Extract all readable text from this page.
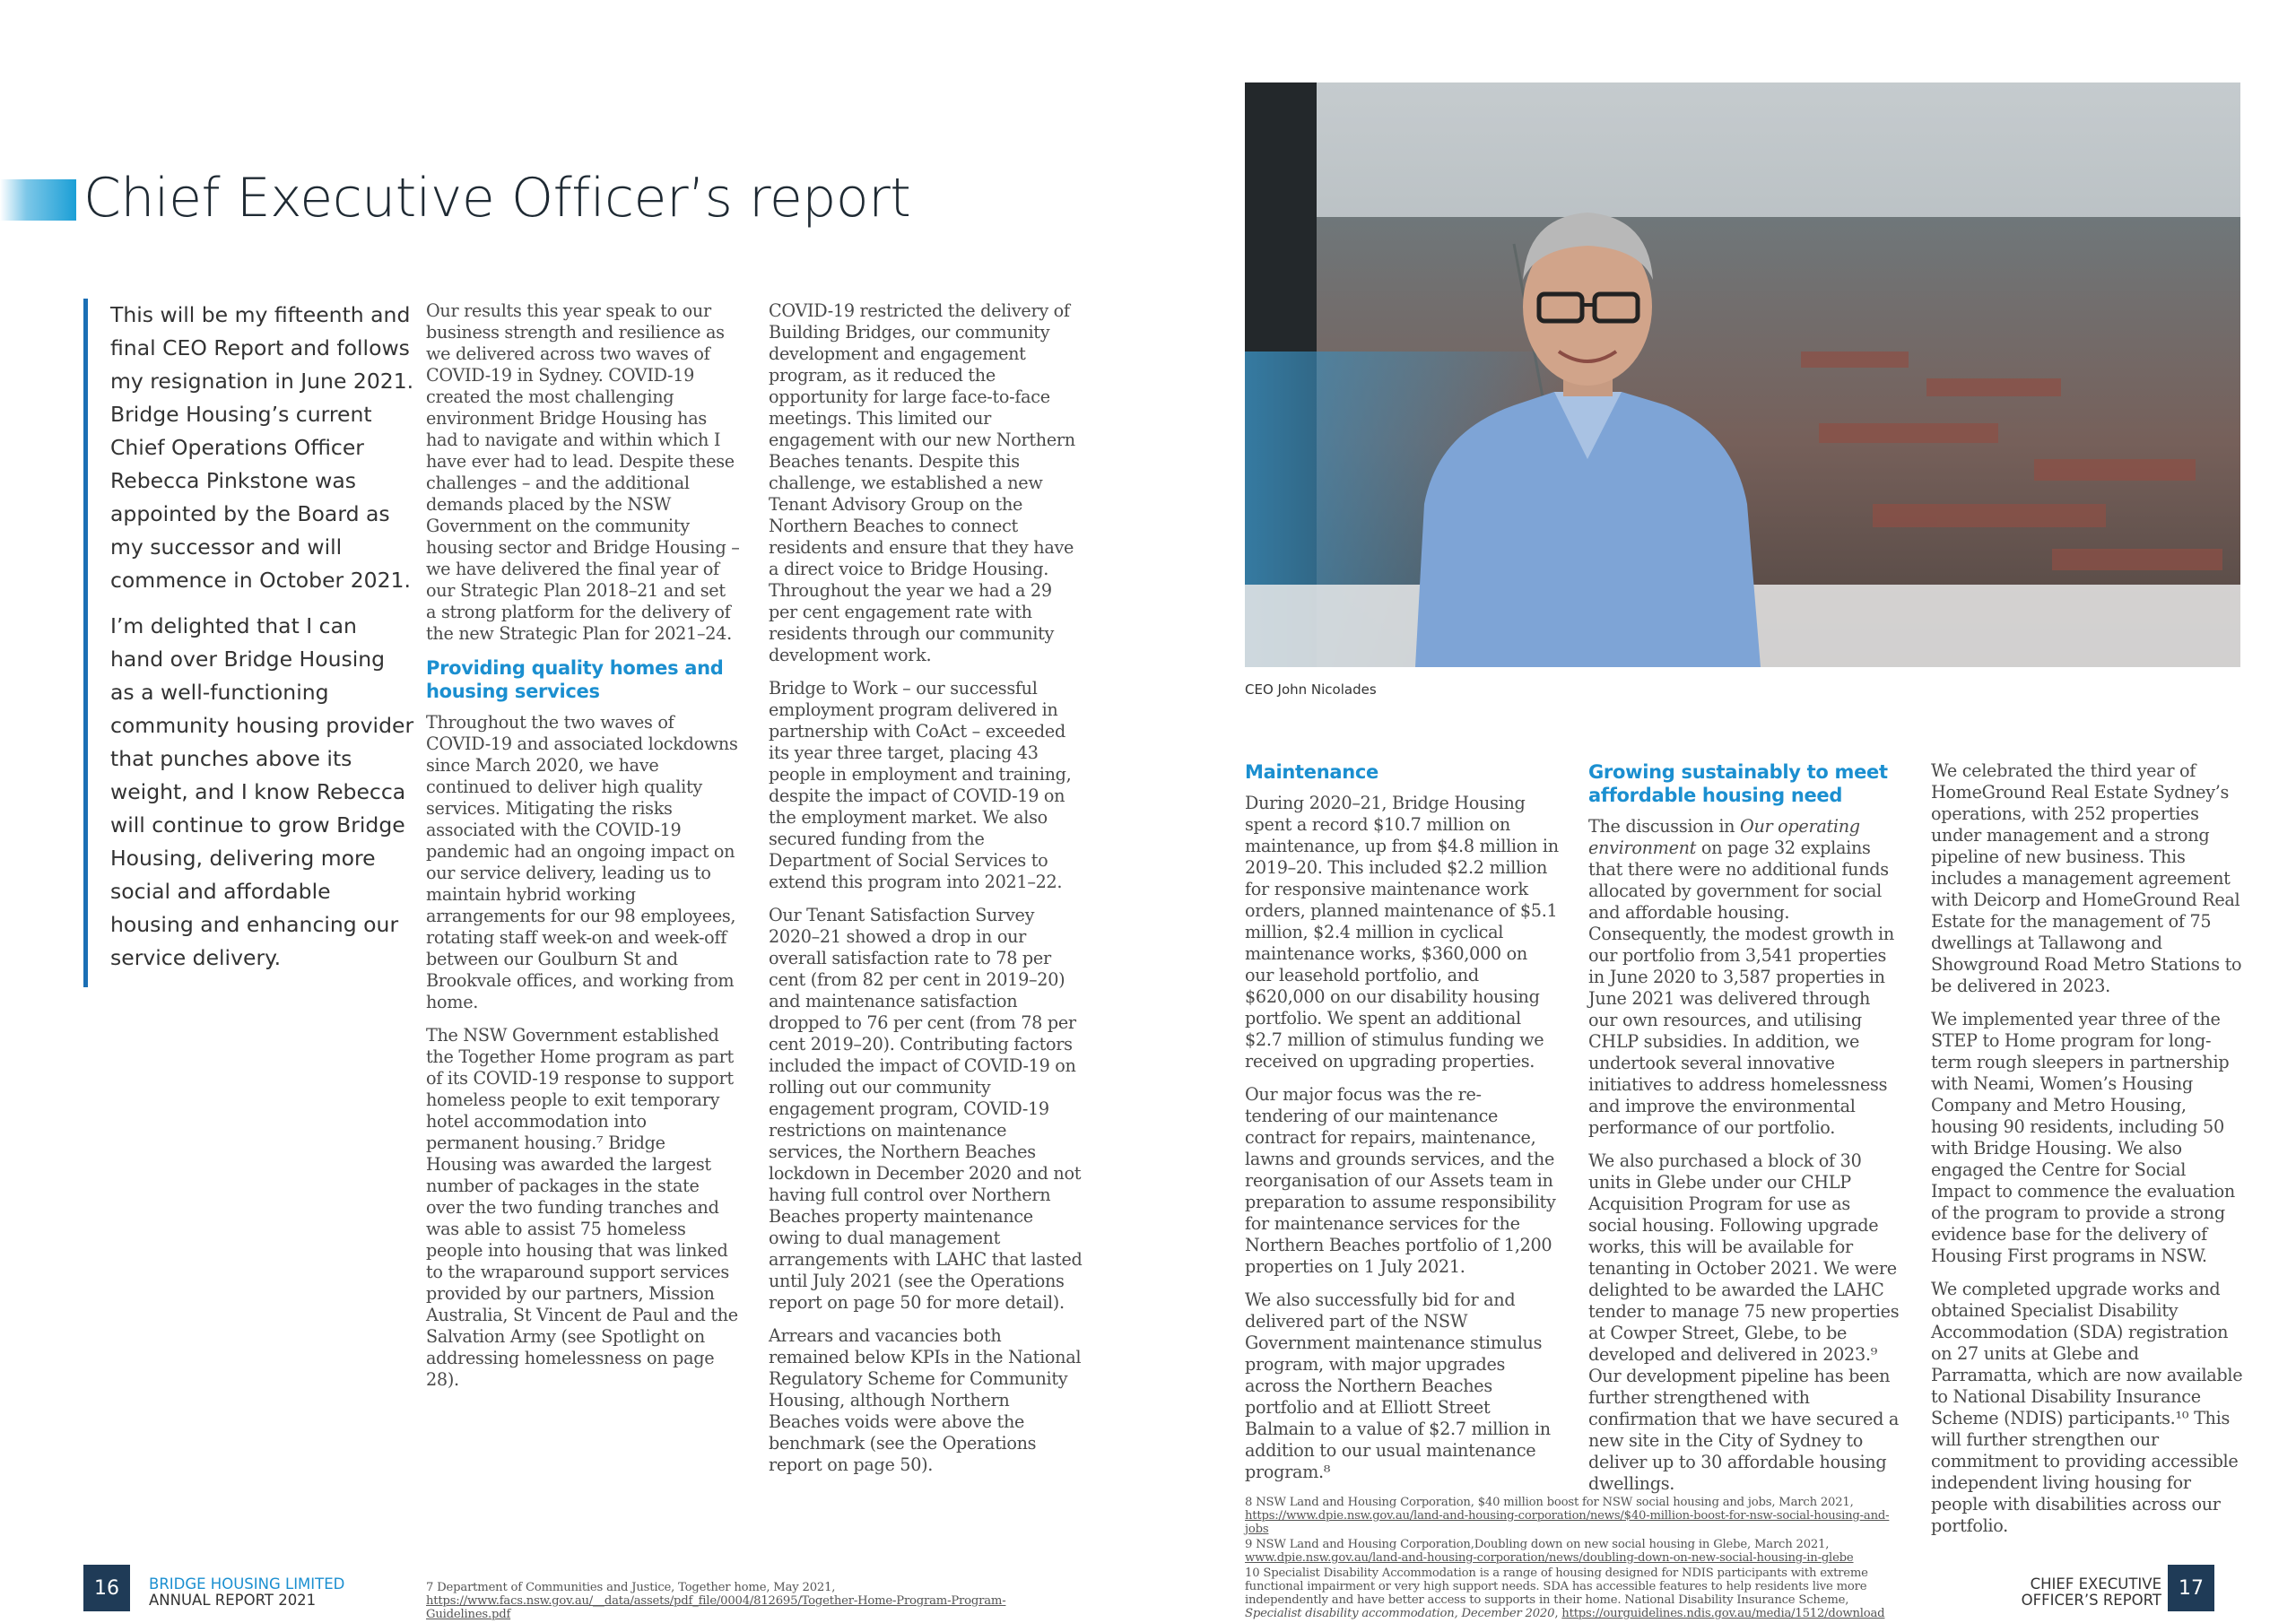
Chief Executive Officer’s report

This will be my fifteenth and final CEO Report and follows my resignation in June 2021. Bridge Housing’s current Chief Operations Officer Rebecca Pinkstone was appointed by the Board as my successor and will commence in October 2021.

I’m delighted that I can hand over Bridge Housing as a well-functioning community housing provider that punches above its weight, and I know Rebecca will continue to grow Bridge Housing, delivering more social and affordable housing and enhancing our service delivery.

Our results this year speak to our business strength and resilience as we delivered across two waves of COVID-19 in Sydney. COVID-19 created the most challenging environment Bridge Housing has had to navigate and within which I have ever had to lead. Despite these challenges – and the additional demands placed by the NSW Government on the community housing sector and Bridge Housing – we have delivered the final year of our Strategic Plan 2018–21 and set a strong platform for the delivery of the new Strategic Plan for 2021–24.

Providing quality homes and housing services

Throughout the two waves of COVID-19 and associated lockdowns since March 2020, we have continued to deliver high quality services. Mitigating the risks associated with the COVID-19 pandemic had an ongoing impact on our service delivery, leading us to maintain hybrid working arrangements for our 98 employees, rotating staff week-on and week-off between our Goulburn St and Brookvale offices, and working from home.

The NSW Government established the Together Home program as part of its COVID-19 response to support homeless people to exit temporary hotel accommodation into permanent housing.⁷ Bridge Housing was awarded the largest number of packages in the state over the two funding tranches and was able to assist 75 homeless people into housing that was linked to the wraparound support services provided by our partners, Mission Australia, St Vincent de Paul and the Salvation Army (see Spotlight on addressing homelessness on page 28).

COVID-19 restricted the delivery of Building Bridges, our community development and engagement program, as it reduced the opportunity for large face-to-face meetings. This limited our engagement with our new Northern Beaches tenants. Despite this challenge, we established a new Tenant Advisory Group on the Northern Beaches to connect residents and ensure that they have a direct voice to Bridge Housing. Throughout the year we had a 29 per cent engagement rate with residents through our community development work.

Bridge to Work – our successful employment program delivered in partnership with CoAct – exceeded its year three target, placing 43 people in employment and training, despite the impact of COVID-19 on the employment market. We also secured funding from the Department of Social Services to extend this program into 2021–22.

Our Tenant Satisfaction Survey 2020–21 showed a drop in our overall satisfaction rate to 78 per cent (from 82 per cent in 2019–20) and maintenance satisfaction dropped to 76 per cent (from 78 per cent 2019–20). Contributing factors included the impact of COVID-19 on rolling out our community engagement program, COVID-19 restrictions on maintenance services, the Northern Beaches lockdown in December 2020 and not having full control over Northern Beaches property maintenance owing to dual management arrangements with LAHC that lasted until July 2021 (see the Operations report on page 50 for more detail).

Arrears and vacancies both remained below KPIs in the National Regulatory Scheme for Community Housing, although Northern Beaches voids were above the benchmark (see the Operations report on page 50).

CEO John Nicolades
Maintenance

During 2020–21, Bridge Housing spent a record $10.7 million on maintenance, up from $4.8 million in 2019–20. This included $2.2 million for responsive maintenance work orders, planned maintenance of $5.1 million, $2.4 million in cyclical maintenance works, $360,000 on our leasehold portfolio, and $620,000 on our disability housing portfolio. We spent an additional $2.7 million of stimulus funding we received on upgrading properties.

Our major focus was the re-tendering of our maintenance contract for repairs, maintenance, lawns and grounds services, and the reorganisation of our Assets team in preparation to assume responsibility for maintenance services for the Northern Beaches portfolio of 1,200 properties on 1 July 2021.

We also successfully bid for and delivered part of the NSW Government maintenance stimulus program, with major upgrades across the Northern Beaches portfolio and at Elliott Street Balmain to a value of $2.7 million in addition to our usual maintenance program.⁸

Growing sustainably to meet affordable housing need

The discussion in Our operating environment on page 32 explains that there were no additional funds allocated by government for social and affordable housing. Consequently, the modest growth in our portfolio from 3,541 properties in June 2020 to 3,587 properties in June 2021 was delivered through our own resources, and utilising CHLP subsidies. In addition, we undertook several innovative initiatives to address homelessness and improve the environmental performance of our portfolio.

We also purchased a block of 30 units in Glebe under our CHLP Acquisition Program for use as social housing. Following upgrade works, this will be available for tenanting in October 2021. We were delighted to be awarded the LAHC tender to manage 75 new properties at Cowper Street, Glebe, to be developed and delivered in 2023.⁹ Our development pipeline has been further strengthened with confirmation that we have secured a new site in the City of Sydney to deliver up to 30 affordable housing dwellings.

We celebrated the third year of HomeGround Real Estate Sydney’s operations, with 252 properties under management and a strong pipeline of new business. This includes a management agreement with Deicorp and HomeGround Real Estate for the management of 75 dwellings at Tallawong and Showground Road Metro Stations to be delivered in 2023.

We implemented year three of the STEP to Home program for long-term rough sleepers in partnership with Neami, Women’s Housing Company and Metro Housing, housing 90 residents, including 50 with Bridge Housing. We also engaged the Centre for Social Impact to commence the evaluation of the program to provide a strong evidence base for the delivery of Housing First programs in NSW.

We completed upgrade works and obtained Specialist Disability Accommodation (SDA) registration on 27 units at Glebe and Parramatta, which are now available to National Disability Insurance Scheme (NDIS) participants.¹⁰ This will further strengthen our commitment to providing accessible independent living housing for people with disabilities across our portfolio.

7 Department of Communities and Justice, Together home, May 2021, https://www.facs.nsw.gov.au/__data/assets/pdf_file/0004/812695/Together-Home-Program-Program-Guidelines.pdf

8 NSW Land and Housing Corporation, $40 million boost for NSW social housing and jobs, March 2021, https://www.dpie.nsw.gov.au/land-and-housing-corporation/news/$40-million-boost-for-nsw-social-housing-and-jobs

9 NSW Land and Housing Corporation,Doubling down on new social housing in Glebe, March 2021, www.dpie.nsw.gov.au/land-and-housing-corporation/news/doubling-down-on-new-social-housing-in-glebe

10 Specialist Disability Accommodation is a range of housing designed for NDIS participants with extreme functional impairment or very high support needs. SDA has accessible features to help residents live more independently and have better access to supports in their home. National Disability Insurance Scheme, Specialist disability accommodation, December 2020, https://ourguidelines.ndis.gov.au/media/1512/download

16	BRIDGE HOUSING LIMITED
ANNUAL REPORT 2021
CHIEF EXECUTIVE
OFFICER’S REPORT
17
